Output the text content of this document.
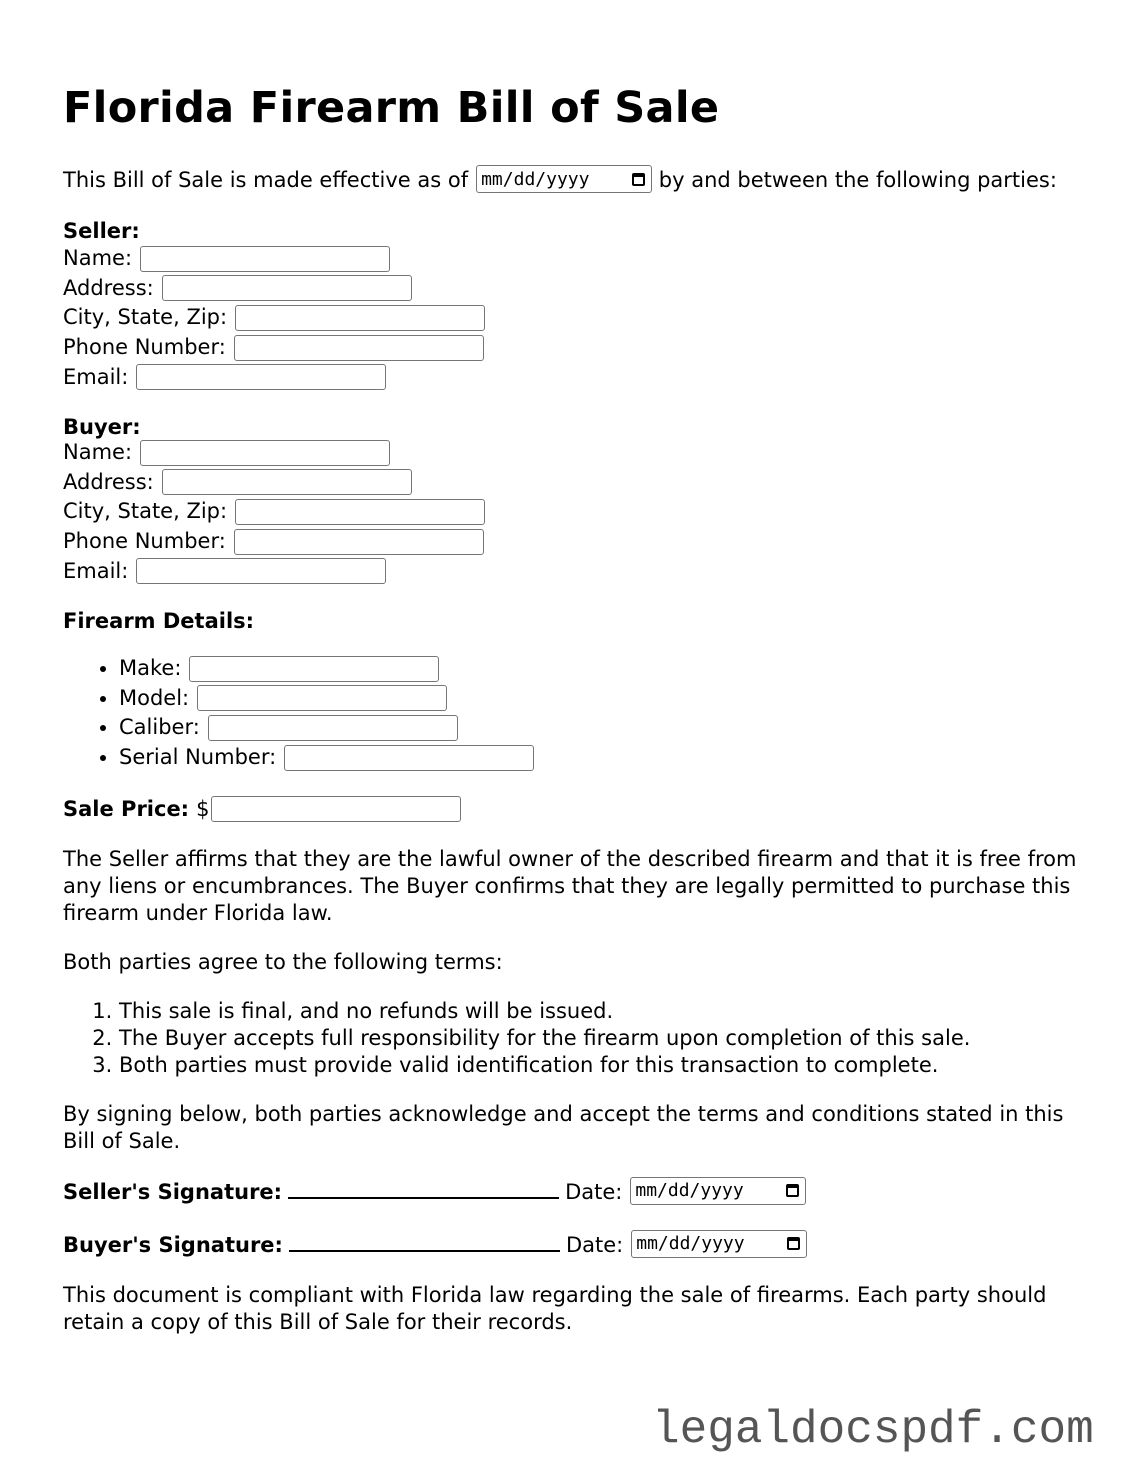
Florida Firearm Bill of Sale

This Bill of Sale is made effective as of mm/dd/yyyy	by and between the following parties:

Seller:
Name:
Address:
City, State, Zip:
Phone Number:
Email:
Buyer:
Name:
Address:
City, State, Zip:
Phone Number:
Email:
Firearm Details:
• Make:
• Model:
• Caliber:
• Serial Number:
Sale Price: $

The Seller affirms that they are the lawful owner of the described firearm and that it is free from any liens or encumbrances. The Buyer confirms that they are legally permitted to purchase this firearm under Florida law.

Both parties agree to the following terms:

1. This sale is final, and no refunds will be issued.
2. The Buyer accepts full responsibility for the firearm upon completion of this sale.
3. Both parties must provide valid identification for this transaction to complete.

By signing below, both parties acknowledge and accept the terms and conditions stated in this Bill of Sale.

Seller's Signature:	Date: mm/dd/yyyy
Buyer's Signature:	Date: mm/dd/yyyy

This document is compliant with Florida law regarding the sale of firearms. Each party should retain a copy of this Bill of Sale for their records.

legaldocspdf.com
